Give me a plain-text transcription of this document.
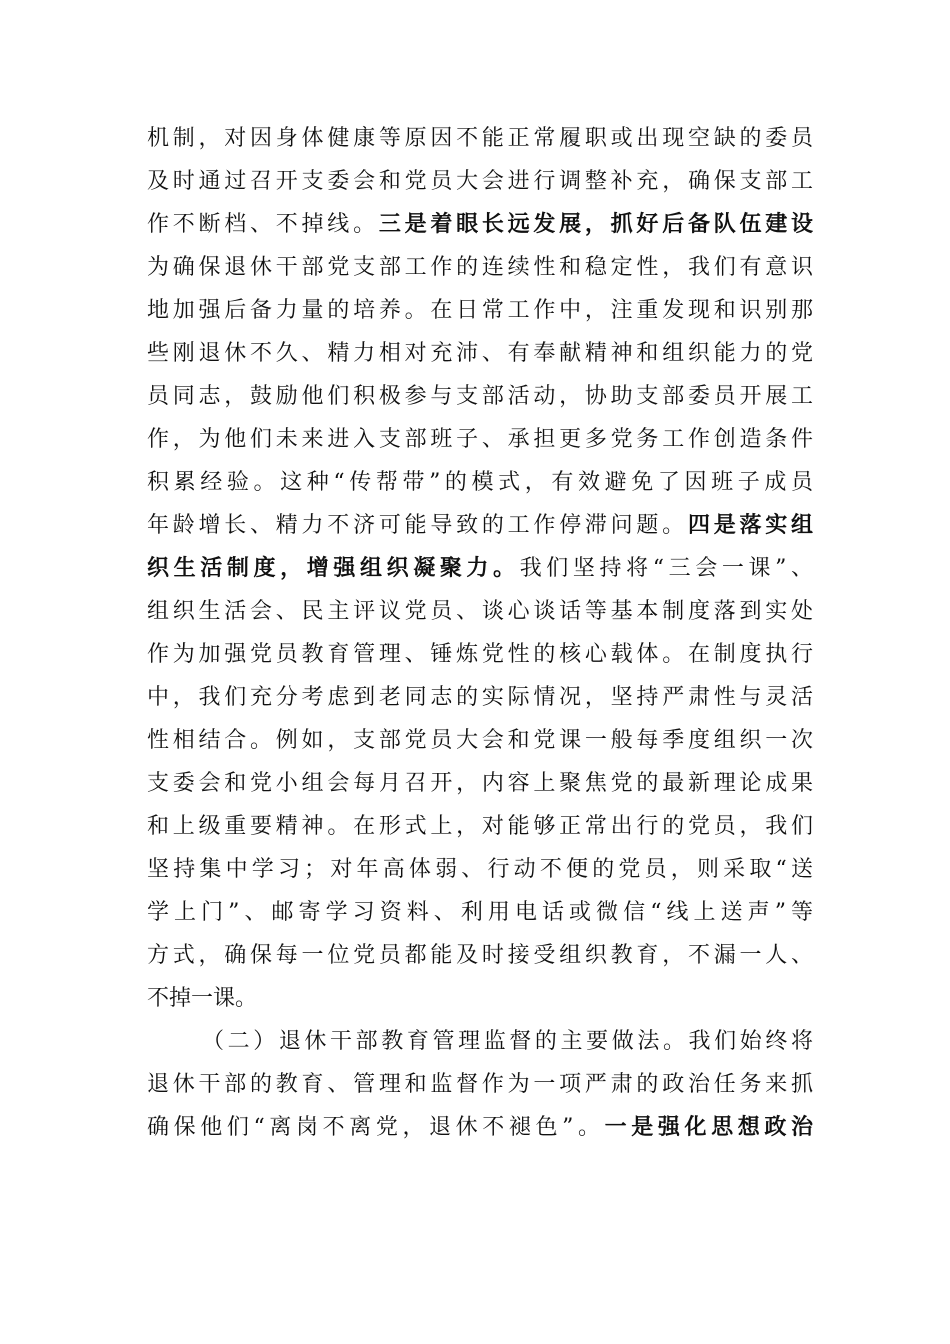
机制，对因身体健康等原因不能正常履职或出现空缺的委员
及时通过召开支委会和党员大会进行调整补充，确保支部工
作不断档、不掉线。三是着眼长远发展，抓好后备队伍建设
为确保退休干部党支部工作的连续性和稳定性，我们有意识
地加强后备力量的培养。在日常工作中，注重发现和识别那
些刚退休不久、精力相对充沛、有奉献精神和组织能力的党
员同志，鼓励他们积极参与支部活动，协助支部委员开展工
作，为他们未来进入支部班子、承担更多党务工作创造条件
积累经验。这种“传帮带”的模式，有效避免了因班子成员
年龄增长、精力不济可能导致的工作停滞问题。四是落实组
织生活制度，增强组织凝聚力。我们坚持将“三会一课”、
组织生活会、民主评议党员、谈心谈话等基本制度落到实处
作为加强党员教育管理、锤炼党性的核心载体。在制度执行
中，我们充分考虑到老同志的实际情况，坚持严肃性与灵活
性相结合。例如，支部党员大会和党课一般每季度组织一次
支委会和党小组会每月召开，内容上聚焦党的最新理论成果
和上级重要精神。在形式上，对能够正常出行的党员，我们
坚持集中学习；对年高体弱、行动不便的党员，则采取“送
学上门”、邮寄学习资料、利用电话或微信“线上送声”等
方式，确保每一位党员都能及时接受组织教育，不漏一人、
不掉一课。
（二）退休干部教育管理监督的主要做法。我们始终将
退休干部的教育、管理和监督作为一项严肃的政治任务来抓
确保他们“离岗不离党，退休不褪色”。一是强化思想政治
